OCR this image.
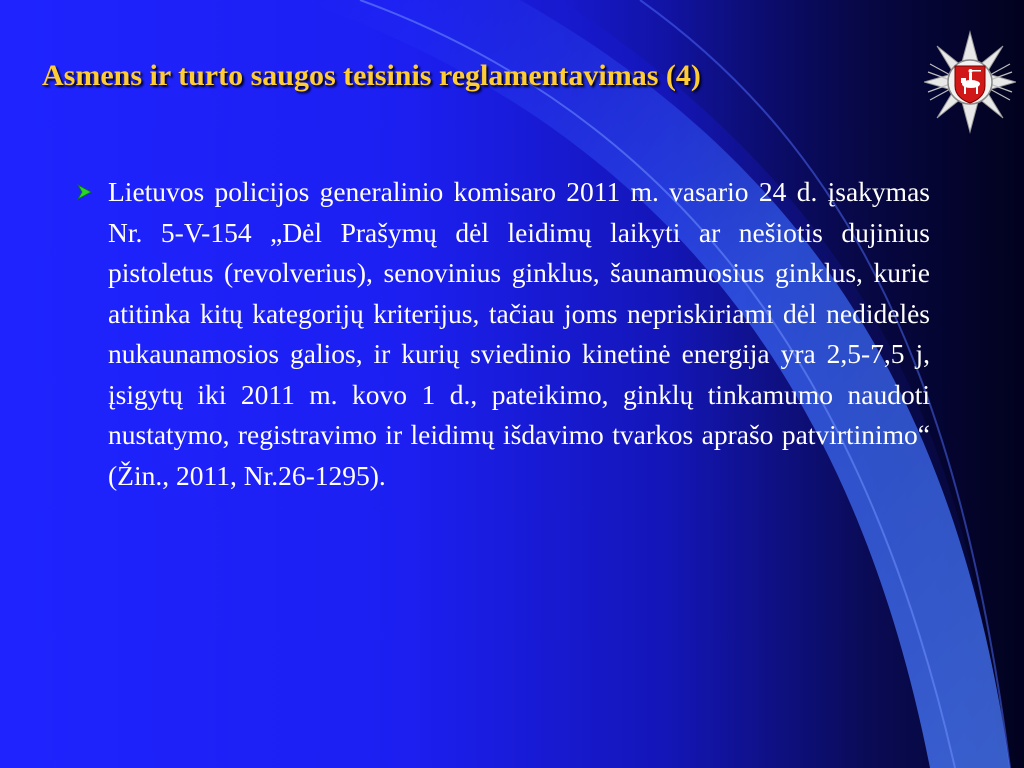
Asmens ir turto saugos teisinis reglamentavimas (4)

Lietuvos policijos generalinio komisaro 2011 m. vasario 24 d. įsakymas Nr. 5-V-154 „Dėl Prašymų dėl leidimų laikyti ar nešiotis dujinius pistoletus (revolverius), senovinius ginklus, šaunamuosius ginklus, kurie atitinka kitų kategorijų kriterijus, tačiau joms nepriskiriami dėl nedidelės nukaunamosios galios, ir kurių sviedinio kinetinė energija yra 2,5-7,5 j, įsigytų iki 2011 m. kovo 1 d., pateikimo, ginklų tinkamumo naudoti nustatymo, registravimo ir leidimų išdavimo tvarkos aprašo patvirtinimo“ (Žin., 2011, Nr.26-1295).
